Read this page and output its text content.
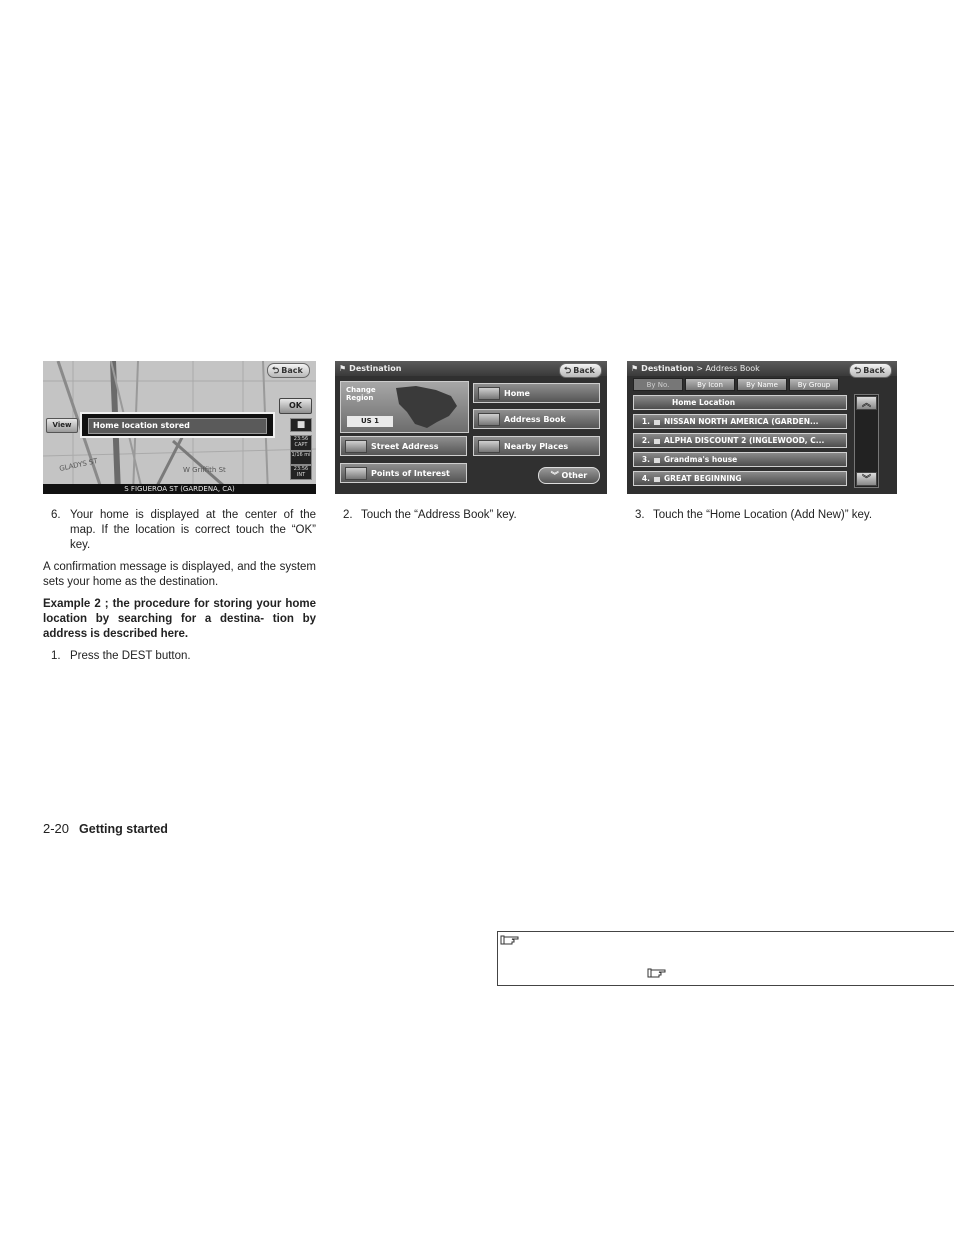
GLADYS ST	W Griffith St
⮌ Back
View	Home location stored
OK
■
23:56 CAPT
1/16 mi
23:56 INT
S FIGUEROA ST (GARDENA, CA)
⚑ Destination	⮌ Back
Change Region
US 1
Home
Address Book
Street Address	Nearby Places
Points of Interest	︾ Other
⚑ Destination > Address Book	⮌ Back
By No.	By Icon	By Name	By Group
Home Location
1. NISSAN NORTH AMERICA (GARDEN...
2. ALPHA DISCOUNT 2 (INGLEWOOD, C...
3. Grandma's house
4. GREAT BEGINNING
︽
︾
6. Your home is displayed at the center of the map. If the location is correct touch the “OK” key.
A confirmation message is displayed, and the system sets your home as the destination.
Example 2 ; the procedure for storing your home location by searching for a destina- tion by address is described here.
1. Press the DEST button.
2. Touch the “Address Book” key.	3. Touch the “Home Location (Add New)” key.
2-20 Getting started
